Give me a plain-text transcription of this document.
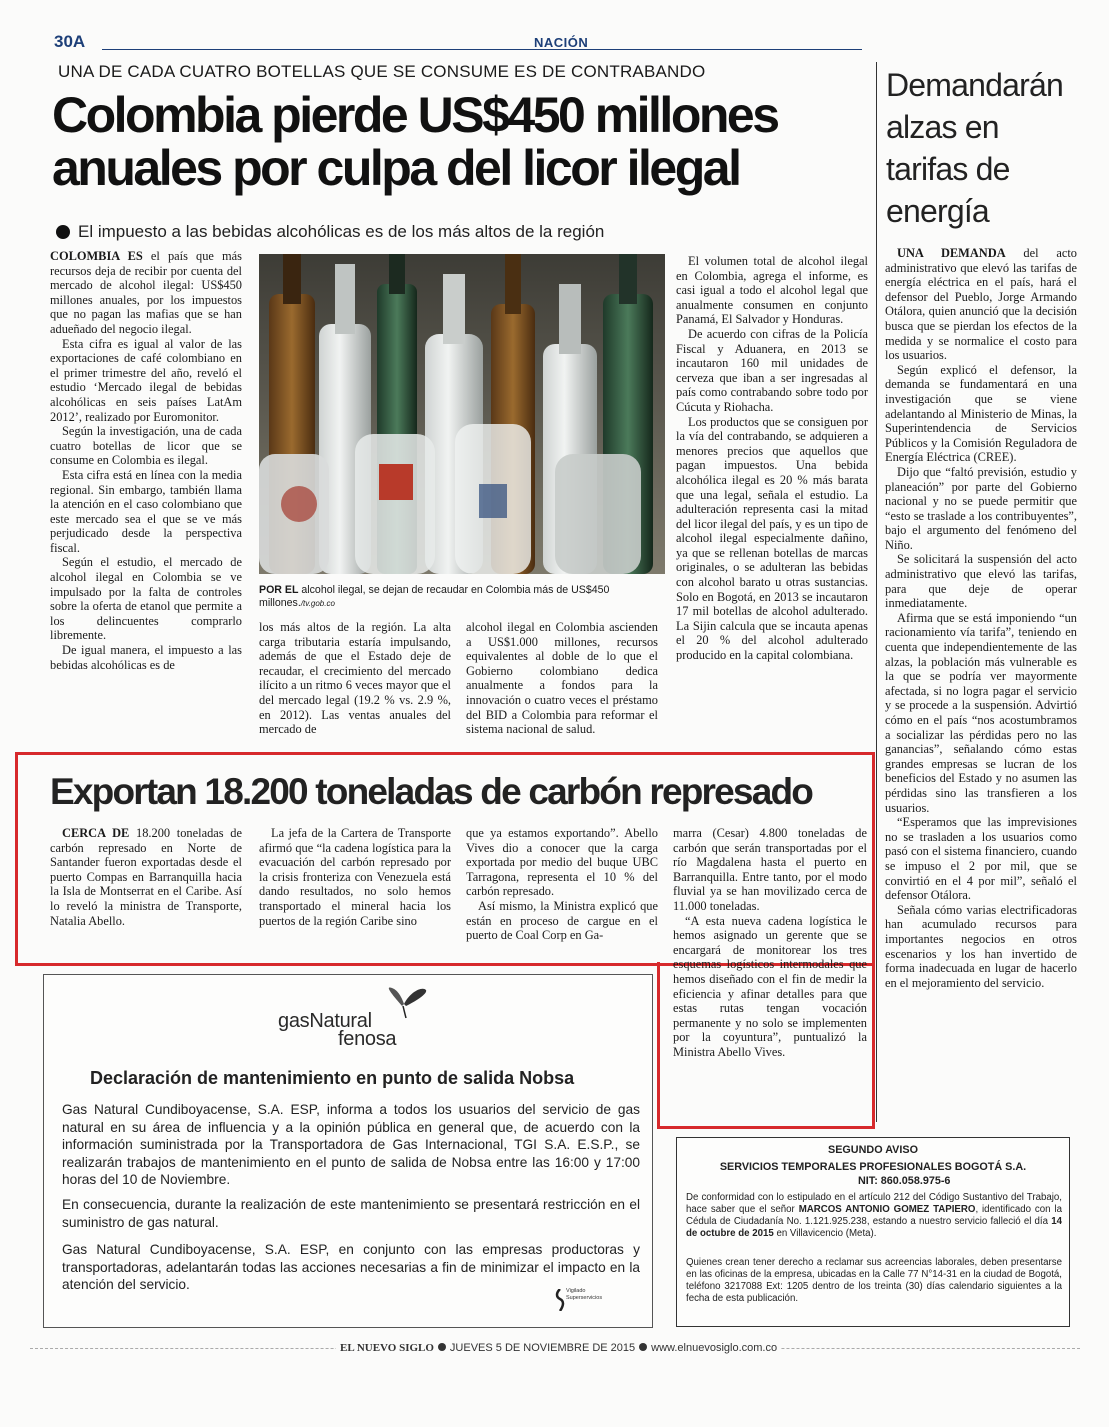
30A	NACIÓN
UNA DE CADA CUATRO BOTELLAS QUE SE CONSUME ES DE CONTRABANDO
Colombia pierde US$450 millones
anuales por culpa del licor ilegal
El impuesto a las bebidas alcohólicas es de los más altos de la región

COLOMBIA ES el país que más recursos deja de recibir por cuenta del mercado de alcohol ilegal: US$450 millones anuales, por los impuestos que no pagan las mafias que se han adueñado del negocio ilegal.

Esta cifra es igual al valor de las exportaciones de café colombiano en el primer trimestre del año, reveló el estudio ‘Mercado ilegal de bebidas alcohólicas en seis países LatAm 2012’, realizado por Euromonitor.

Según la investigación, una de cada cuatro botellas de licor que se consume en Colombia es ilegal.

Esta cifra está en línea con la media regional. Sin embargo, también llama la atención en el caso colombiano que este mercado sea el que se ve más perjudicado desde la perspectiva fiscal.

Según el estudio, el mercado de alcohol ilegal en Colombia se ve impulsado por la falta de controles sobre la oferta de etanol que permite a los delincuentes comprarlo libremente.

De igual manera, el impuesto a las bebidas alcohólicas es de

POR EL alcohol ilegal, se dejan de recaudar en Colombia más de US$450 millones./tv.gob.co

los más altos de la región. La alta carga tributaria estaría impulsando, además de que el Estado deje de recaudar, el crecimiento del mercado ilícito a un ritmo 6 veces mayor que el del mercado legal (19.2 % vs. 2.9 %, en 2012). Las ventas anuales del mercado de

alcohol ilegal en Colombia ascienden a US$1.000 millones, recursos equivalentes al doble de lo que el Gobierno colombiano dedica anualmente a fondos para la innovación o cuatro veces el préstamo del BID a Colombia para reformar el sistema nacional de salud.

El volumen total de alcohol ilegal en Colombia, agrega el informe, es casi igual a todo el alcohol legal que anualmente consumen en conjunto Panamá, El Salvador y Honduras.

De acuerdo con cifras de la Policía Fiscal y Aduanera, en 2013 se incautaron 160 mil unidades de cerveza que iban a ser ingresadas al país como contrabando sobre todo por Cúcuta y Riohacha.

Los productos que se consiguen por la vía del contrabando, se adquieren a menores precios que aquellos que pagan impuestos. Una bebida alcohólica ilegal es 20 % más barata que una legal, señala el estudio. La adulteración representa casi la mitad del licor ilegal del país, y es un tipo de alcohol ilegal especialmente dañino, ya que se rellenan botellas de marcas originales, o se adulteran las bebidas con alcohol barato u otras sustancias. Solo en Bogotá, en 2013 se incautaron 17 mil botellas de alcohol adulterado. La Sijin calcula que se incauta apenas el 20 % del alcohol adulterado producido en la capital colombiana.

Demandarán alzas en tarifas de energía

UNA DEMANDA del acto administrativo que elevó las tarifas de energía eléctrica en el país, hará el defensor del Pueblo, Jorge Armando Otálora, quien anunció que la decisión busca que se pierdan los efectos de la medida y se normalice el costo para los usuarios.

Según explicó el defensor, la demanda se fundamentará en una investigación que se viene adelantando al Ministerio de Minas, la Superintendencia de Servicios Públicos y la Comisión Reguladora de Energía Eléctrica (CREE).

Dijo que “faltó previsión, estudio y planeación” por parte del Gobierno nacional y no se puede permitir que “esto se traslade a los contribuyentes”, bajo el argumento del fenómeno del Niño.

Se solicitará la suspensión del acto administrativo que elevó las tarifas, para que deje de operar inmediatamente.

Afirma que se está imponiendo “un racionamiento vía tarifa”, teniendo en cuenta que independientemente de las alzas, la población más vulnerable es la que se podría ver mayormente afectada, si no logra pagar el servicio y se procede a la suspensión. Advirtió cómo en el país “nos acostumbramos a socializar las pérdidas pero no las ganancias”, señalando cómo estas grandes empresas se lucran de los beneficios del Estado y no asumen las pérdidas sino las transfieren a los usuarios.

“Esperamos que las imprevisiones no se trasladen a los usuarios como pasó con el sistema financiero, cuando se impuso el 2 por mil, que se convirtió en el 4 por mil”, señaló el defensor Otálora.

Señala cómo varias electrificadoras han acumulado recursos para importantes negocios en otros escenarios y los han invertido de forma inadecuada en lugar de hacerlo en el mejoramiento del servicio.

Exportan 18.200 toneladas de carbón represado

CERCA DE 18.200 toneladas de carbón represado en Norte de Santander fueron exportadas desde el puerto Compas en Barranquilla hacia la Isla de Montserrat en el Caribe. Así lo reveló la ministra de Transporte, Natalia Abello.

La jefa de la Cartera de Transporte afirmó que “la cadena logística para la evacuación del carbón represado por la crisis fronteriza con Venezuela está dando resultados, no solo hemos transportado el mineral hacia los puertos de la región Caribe sino

que ya estamos exportando”. Abello Vives dio a conocer que la carga exportada por medio del buque UBC Tarragona, representa el 10 % del carbón represado.

Así mismo, la Ministra explicó que están en proceso de cargue en el puerto de Coal Corp en Ga-

marra (Cesar) 4.800 toneladas de carbón que serán transportadas por el río Magdalena hasta el puerto en Barranquilla. Entre tanto, por el modo fluvial ya se han movilizado cerca de 11.000 toneladas.

“A esta nueva cadena logística le hemos asignado un gerente que se encargará de monitorear los tres esquemas logísticos intermodales que hemos diseñado con el fin de medir la eficiencia y afinar detalles para que estas rutas tengan vocación permanente y no solo se implementen por la coyuntura”, puntualizó la Ministra Abello Vives.

gasNatural
fenosa
Declaración de mantenimiento en punto de salida Nobsa
Gas Natural Cundiboyacense, S.A. ESP, informa a todos los usuarios del servicio de gas natural en su área de influencia y a la opinión pública en general que, de acuerdo con la información suministrada por la Transportadora de Gas Internacional, TGI S.A. E.S.P., se realizarán trabajos de mantenimiento en el punto de salida de Nobsa entre las 16:00 y 17:00 horas del 10 de Noviembre.
En consecuencia, durante la realización de este mantenimiento se presentará restricción en el suministro de gas natural.
Gas Natural Cundiboyacense, S.A. ESP, en conjunto con las empresas productoras y transportadoras, adelantarán todas las acciones necesarias a fin de minimizar el impacto en la atención del servicio.	Vigilado
Superservicios
SEGUNDO AVISO
SERVICIOS TEMPORALES PROFESIONALES BOGOTÁ S.A.
NIT: 860.058.975-6
De conformidad con lo estipulado en el artículo 212 del Código Sustantivo del Trabajo, hace saber que el señor MARCOS ANTONIO GOMEZ TAPIERO, identificado con la Cédula de Ciudadanía No. 1.121.925.238, estando a nuestro servicio falleció el día 14 de octubre de 2015 en Villavicencio (Meta).
Quienes crean tener derecho a reclamar sus acreencias laborales, deben presentarse en las oficinas de la empresa, ubicadas en la Calle 77 N°14-31 en la ciudad de Bogotá, teléfono 3217088 Ext: 1205 dentro de los treinta (30) días calendario siguientes a la fecha de esta publicación.
EL NUEVO SIGLO JUEVES 5 DE NOVIEMBRE DE 2015 www.elnuevosiglo.com.co
